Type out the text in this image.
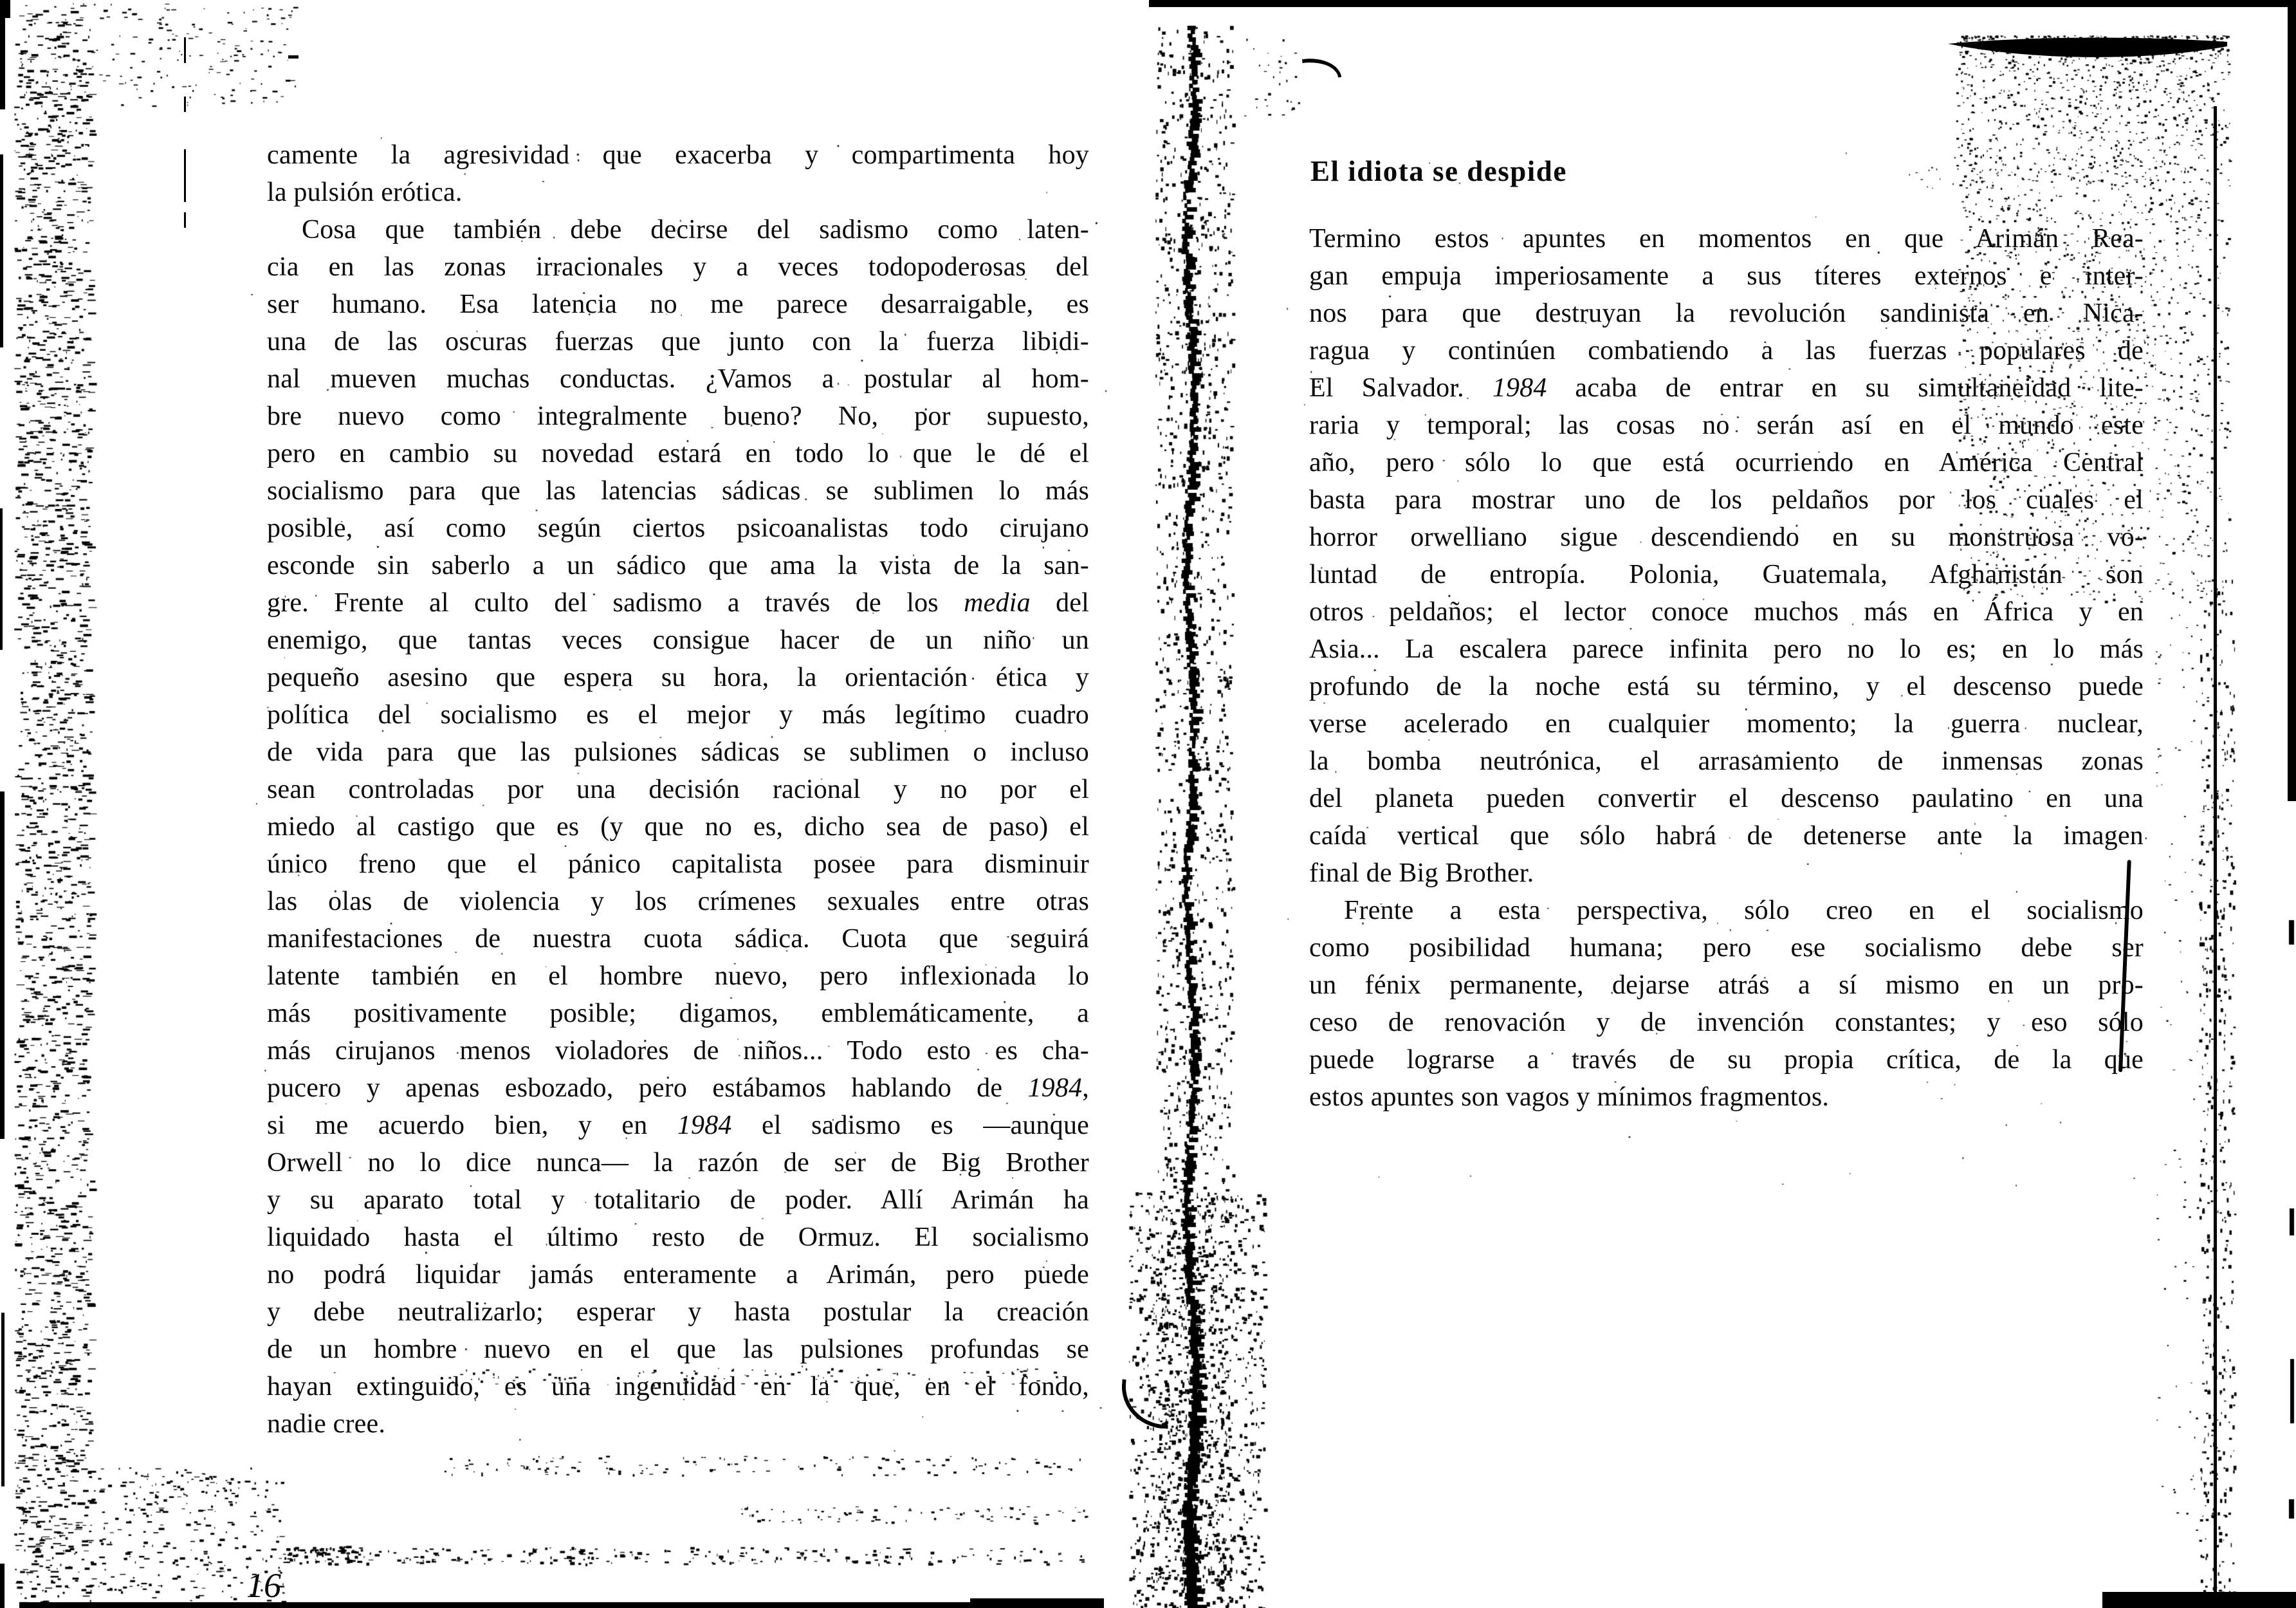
camente la agresividad que exacerba y compartimenta hoy
la pulsión erótica.
Cosa que también debe decirse del sadismo como laten-
cia en las zonas irracionales y a veces todopoderosas del
ser humano. Esa latencia no me parece desarraigable, es
una de las oscuras fuerzas que junto con la fuerza libidi-
nal mueven muchas conductas. ¿Vamos a postular al hom-
bre nuevo como integralmente bueno? No, por supuesto,
pero en cambio su novedad estará en todo lo que le dé el
socialismo para que las latencias sádicas se sublimen lo más
posible, así como según ciertos psicoanalistas todo cirujano
esconde sin saberlo a un sádico que ama la vista de la san-
gre. Frente al culto del sadismo a través de los media del
enemigo, que tantas veces consigue hacer de un niño un
pequeño asesino que espera su hora, la orientación ética y
política del socialismo es el mejor y más legítimo cuadro
de vida para que las pulsiones sádicas se sublimen o incluso
sean controladas por una decisión racional y no por el
miedo al castigo que es (y que no es, dicho sea de paso) el
único freno que el pánico capitalista posee para disminuir
las olas de violencia y los crímenes sexuales entre otras
manifestaciones de nuestra cuota sádica. Cuota que seguirá
latente también en el hombre nuevo, pero inflexionada lo
más positivamente posible; digamos, emblemáticamente, a
más cirujanos menos violadores de niños... Todo esto es cha-
pucero y apenas esbozado, pero estábamos hablando de 1984,
si me acuerdo bien, y en 1984 el sadismo es —aunque
Orwell no lo dice nunca— la razón de ser de Big Brother
y su aparato total y totalitario de poder. Allí Arimán ha
liquidado hasta el último resto de Ormuz. El socialismo
no podrá liquidar jamás enteramente a Arimán, pero puede
y debe neutralizarlo; esperar y hasta postular la creación
de un hombre nuevo en el que las pulsiones profundas se
hayan extinguido, es una ingenuidad en la que, en el fondo,
nadie cree.
16
El idiota se despide
Termino estos apuntes en momentos en que Arimán Rea-
gan empuja imperiosamente a sus títeres externos e inter-
nos para que destruyan la revolución sandinista en Nica-
ragua y continúen combatiendo a las fuerzas populares de
El Salvador. 1984 acaba de entrar en su simultaneidad lite-
raria y temporal; las cosas no serán así en el mundo este
año, pero sólo lo que está ocurriendo en América Central
basta para mostrar uno de los peldaños por los cuales el
horror orwelliano sigue descendiendo en su monstruosa vo-
luntad de entropía. Polonia, Guatemala, Afghanistán son
otros peldaños; el lector conoce muchos más en África y en
Asia... La escalera parece infinita pero no lo es; en lo más
profundo de la noche está su término, y el descenso puede
verse acelerado en cualquier momento; la guerra nuclear,
la bomba neutrónica, el arrasamiento de inmensas zonas
del planeta pueden convertir el descenso paulatino en una
caída vertical que sólo habrá de detenerse ante la imagen
final de Big Brother.
Frente a esta perspectiva, sólo creo en el socialismo
como posibilidad humana; pero ese socialismo debe ser
un fénix permanente, dejarse atrás a sí mismo en un pro-
ceso de renovación y de invención constantes; y eso sólo
puede lograrse a través de su propia crítica, de la que
estos apuntes son vagos y mínimos fragmentos.
